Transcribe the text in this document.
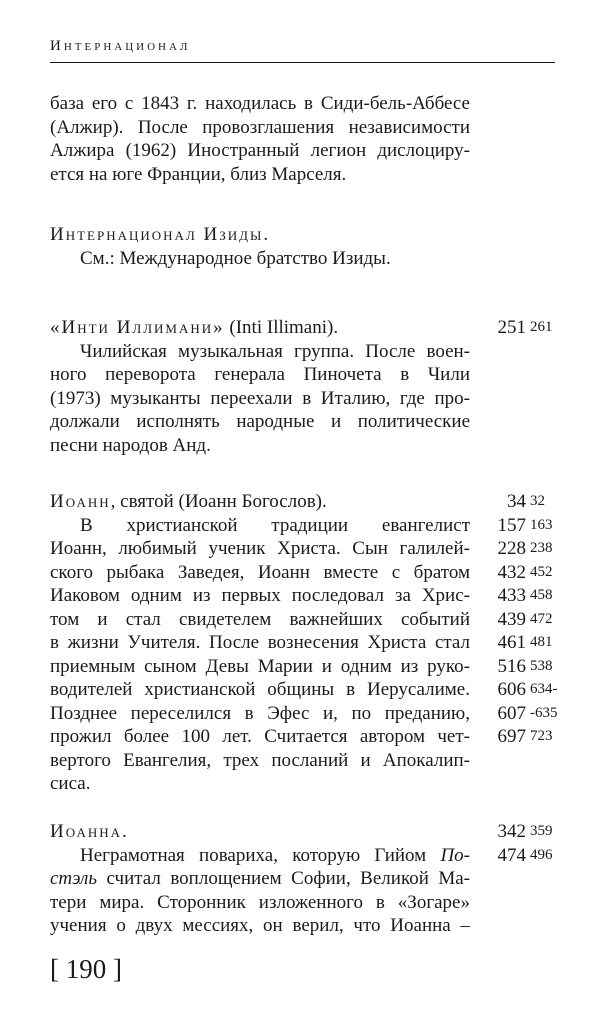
Интернационал
база его с 1843 г. находилась в Сиди-бель-Аббесе
(Алжир). После провозглашения независимости
Алжира (1962) Иностранный легион дислоциру-
ется на юге Франции, близ Марселя.
Интернационал Изиды.
См.: Международное братство Изиды.
«Инти Иллимани» (Inti Illimani).	251 261
Чилийская музыкальная группа. После воен-
ного переворота генерала Пиночета в Чили
(1973) музыканты переехали в Италию, где про-
должали исполнять народные и политические
песни народов Анд.
Иоанн, святой (Иоанн Богослов).	34 32
В христианской традиции евангелист	157 163
Иоанн, любимый ученик Христа. Сын галилей-	228 238
ского рыбака Заведея, Иоанн вместе с братом	432 452
Иаковом одним из первых последовал за Хрис-	433 458
том и стал свидетелем важнейших событий	439 472
в жизни Учителя. После вознесения Христа стал	461 481
приемным сыном Девы Марии и одним из руко-	516 538
водителей христианской общины в Иерусалиме.	606 634-
Позднее переселился в Эфес и, по преданию,	607 -635
прожил более 100 лет. Считается автором чет-	697 723
вертого Евангелия, трех посланий и Апокалип-
сиса.
Иоанна.	342 359
Неграмотная повариха, которую Гийом По-	474 496
стэль считал воплощением Софии, Великой Ма-
тери мира. Сторонник изложенного в «Зогаре»
учения о двух мессиях, он верил, что Иоанна –
[ 190 ]
